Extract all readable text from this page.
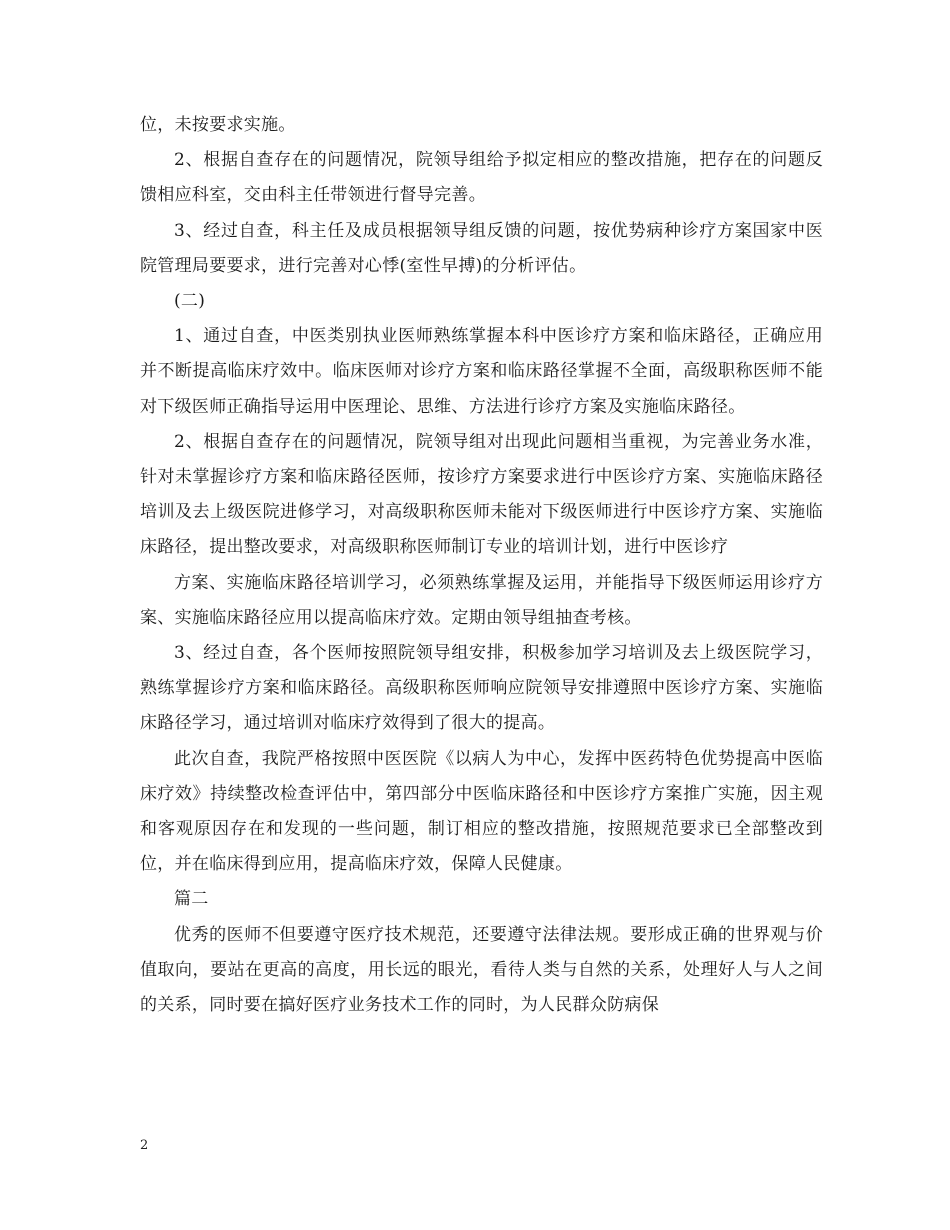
位，未按要求实施。

2、根据自查存在的问题情况，院领导组给予拟定相应的整改措施，把存在的问题反馈相应科室，交由科主任带领进行督导完善。

3、经过自查，科主任及成员根据领导组反馈的问题，按优势病种诊疗方案国家中医院管理局要要求，进行完善对心悸(室性早搏)的分析评估。

(二)

1、通过自查，中医类别执业医师熟练掌握本科中医诊疗方案和临床路径，正确应用并不断提高临床疗效中。临床医师对诊疗方案和临床路径掌握不全面，高级职称医师不能对下级医师正确指导运用中医理论、思维、方法进行诊疗方案及实施临床路径。

2、根据自查存在的问题情况，院领导组对出现此问题相当重视，为完善业务水准，针对未掌握诊疗方案和临床路径医师，按诊疗方案要求进行中医诊疗方案、实施临床路径培训及去上级医院进修学习，对高级职称医师未能对下级医师进行中医诊疗方案、实施临床路径，提出整改要求，对高级职称医师制订专业的培训计划，进行中医诊疗

方案、实施临床路径培训学习，必须熟练掌握及运用，并能指导下级医师运用诊疗方案、实施临床路径应用以提高临床疗效。定期由领导组抽查考核。

3、经过自查，各个医师按照院领导组安排，积极参加学习培训及去上级医院学习，熟练掌握诊疗方案和临床路径。高级职称医师响应院领导安排遵照中医诊疗方案、实施临床路径学习，通过培训对临床疗效得到了很大的提高。

此次自查，我院严格按照中医医院《以病人为中心，发挥中医药特色优势提高中医临床疗效》持续整改检查评估中，第四部分中医临床路径和中医诊疗方案推广实施，因主观和客观原因存在和发现的一些问题，制订相应的整改措施，按照规范要求已全部整改到位，并在临床得到应用，提高临床疗效，保障人民健康。

篇二

优秀的医师不但要遵守医疗技术规范，还要遵守法律法规。要形成正确的世界观与价值取向，要站在更高的高度，用长远的眼光，看待人类与自然的关系，处理好人与人之间的关系，同时要在搞好医疗业务技术工作的同时，为人民群众防病保

2
